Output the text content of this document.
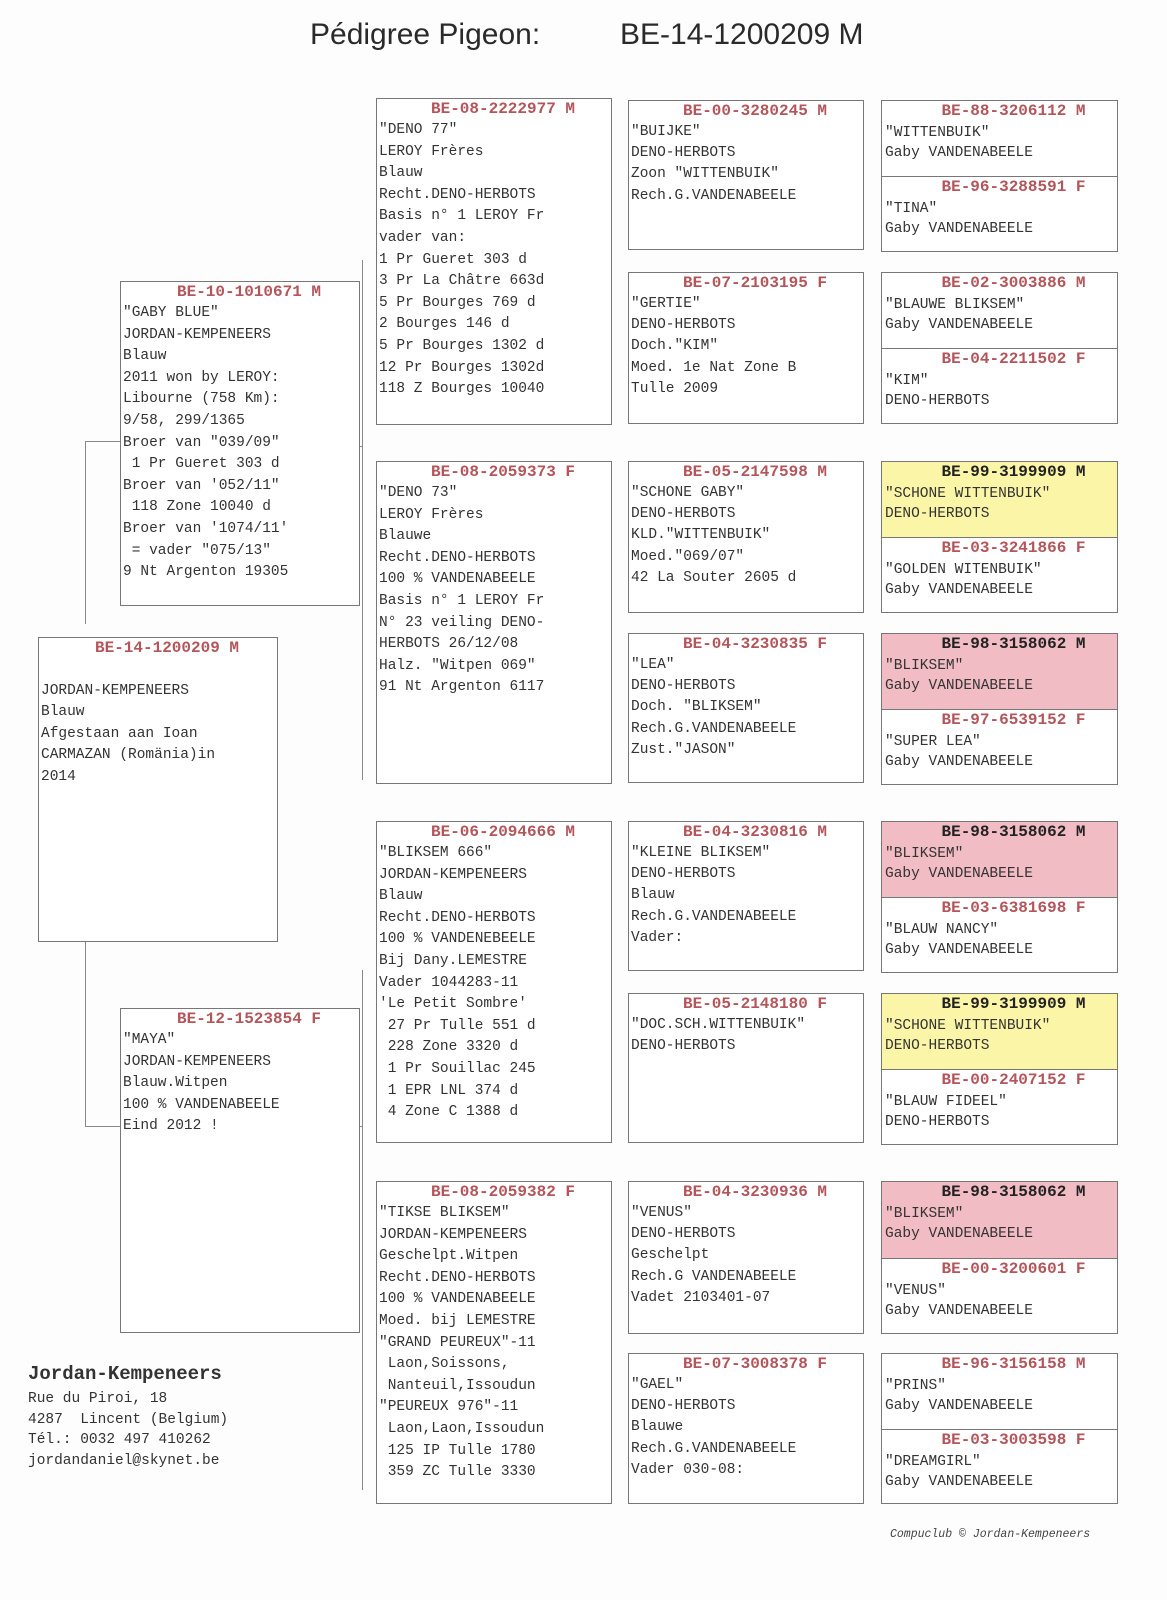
Pédigree Pigeon:	BE-14-1200209 M
BE-14-1200209 M

JORDAN-KEMPENEERS
Blauw
Afgestaan aan Ioan
CARMAZAN (Romänia)in
2014
BE-10-1010671 M
"GABY BLUE"
JORDAN-KEMPENEERS
Blauw
2011 won by LEROY:
Libourne (758 Km):
9/58, 299/1365
Broer van "039/09"
1 Pr Gueret 303 d
Broer van '052/11"
118 Zone 10040 d
Broer van '1074/11'
= vader "075/13"
9 Nt Argenton 19305
BE-12-1523854 F
"MAYA"
JORDAN-KEMPENEERS
Blauw.Witpen
100 % VANDENABEELE
Eind 2012 !
BE-08-2222977 M
"DENO 77"
LEROY Frères
Blauw
Recht.DENO-HERBOTS
Basis n° 1 LEROY Fr
vader van:
1 Pr Gueret 303 d
3 Pr La Châtre 663d
5 Pr Bourges 769 d
2 Bourges 146 d
5 Pr Bourges 1302 d
12 Pr Bourges 1302d
118 Z Bourges 10040
BE-08-2059373 F
"DENO 73"
LEROY Frères
Blauwe
Recht.DENO-HERBOTS
100 % VANDENABEELE
Basis n° 1 LEROY Fr
N° 23 veiling DENO-
HERBOTS 26/12/08
Halz. "Witpen 069"
91 Nt Argenton 6117
BE-06-2094666 M
"BLIKSEM 666"
JORDAN-KEMPENEERS
Blauw
Recht.DENO-HERBOTS
100 % VANDENEBEELE
Bij Dany.LEMESTRE
Vader 1044283-11
'Le Petit Sombre'
27 Pr Tulle 551 d
228 Zone 3320 d
1 Pr Souillac 245
1 EPR LNL 374 d
4 Zone C 1388 d
BE-08-2059382 F
"TIKSE BLIKSEM"
JORDAN-KEMPENEERS
Geschelpt.Witpen
Recht.DENO-HERBOTS
100 % VANDENABEELE
Moed. bij LEMESTRE
"GRAND PEUREUX"-11
Laon,Soissons,
Nanteuil,Issoudun
"PEUREUX 976"-11
Laon,Laon,Issoudun
125 IP Tulle 1780
359 ZC Tulle 3330
BE-00-3280245 M
"BUIJKE"
DENO-HERBOTS
Zoon "WITTENBUIK"
Rech.G.VANDENABEELE
BE-07-2103195 F
"GERTIE"
DENO-HERBOTS
Doch."KIM"
Moed. 1e Nat Zone B
Tulle 2009
BE-05-2147598 M
"SCHONE GABY"
DENO-HERBOTS
KLD."WITTENBUIK"
Moed."069/07"
42 La Souter 2605 d
BE-04-3230835 F
"LEA"
DENO-HERBOTS
Doch. "BLIKSEM"
Rech.G.VANDENABEELE
Zust."JASON"
BE-04-3230816 M
"KLEINE BLIKSEM"
DENO-HERBOTS
Blauw
Rech.G.VANDENABEELE
Vader:
BE-05-2148180 F
"DOC.SCH.WITTENBUIK"
DENO-HERBOTS
BE-04-3230936 M
"VENUS"
DENO-HERBOTS
Geschelpt
Rech.G VANDENABEELE
Vadet 2103401-07
BE-07-3008378 F
"GAEL"
DENO-HERBOTS
Blauwe
Rech.G.VANDENABEELE
Vader 030-08:
BE-88-3206112 M
"WITTENBUIK"
Gaby VANDENABEELE
BE-96-3288591 F
"TINA"
Gaby VANDENABEELE
BE-02-3003886 M
"BLAUWE BLIKSEM"
Gaby VANDENABEELE
BE-04-2211502 F
"KIM"
DENO-HERBOTS
BE-99-3199909 M
"SCHONE WITTENBUIK"
DENO-HERBOTS
BE-03-3241866 F
"GOLDEN WITENBUIK"
Gaby VANDENABEELE
BE-98-3158062 M
"BLIKSEM"
Gaby VANDENABEELE
BE-97-6539152 F
"SUPER LEA"
Gaby VANDENABEELE
BE-98-3158062 M
"BLIKSEM"
Gaby VANDENABEELE
BE-03-6381698 F
"BLAUW NANCY"
Gaby VANDENABEELE
BE-99-3199909 M
"SCHONE WITTENBUIK"
DENO-HERBOTS
BE-00-2407152 F
"BLAUW FIDEEL"
DENO-HERBOTS
BE-98-3158062 M
"BLIKSEM"
Gaby VANDENABEELE
BE-00-3200601 F
"VENUS"
Gaby VANDENABEELE
BE-96-3156158 M
"PRINS"
Gaby VANDENABEELE
BE-03-3003598 F
"DREAMGIRL"
Gaby VANDENABEELE
Jordan-Kempeneers
Rue du Piroi, 18
4287  Lincent (Belgium)
Tél.: 0032 497 410262
jordandaniel@skynet.be
Compuclub © Jordan-Kempeneers
